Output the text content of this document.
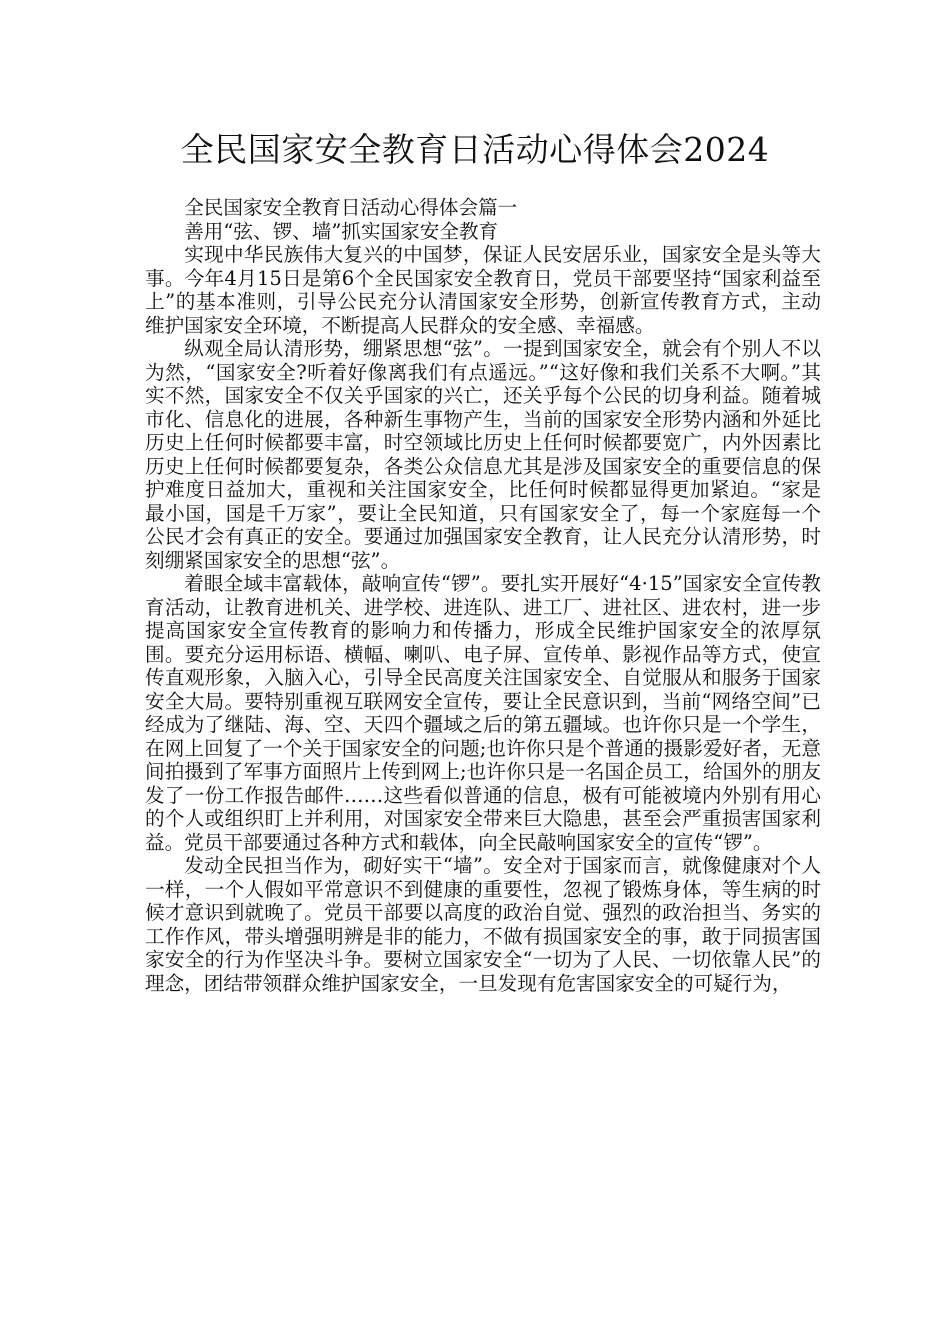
全民国家安全教育日活动心得体会2024

全民国家安全教育日活动心得体会篇一

善用“弦、锣、墙”抓实国家安全教育

实现中华民族伟大复兴的中国梦，保证人民安居乐业，国家安全是头等大事。今年4月15日是第6个全民国家安全教育日，党员干部要坚持“国家利益至上”的基本准则，引导公民充分认清国家安全形势，创新宣传教育方式，主动维护国家安全环境，不断提高人民群众的安全感、幸福感。

纵观全局认清形势，绷紧思想“弦”。一提到国家安全，就会有个别人不以为然，“国家安全?听着好像离我们有点遥远。”“这好像和我们关系不大啊。”其实不然，国家安全不仅关乎国家的兴亡，还关乎每个公民的切身利益。随着城市化、信息化的进展，各种新生事物产生，当前的国家安全形势内涵和外延比历史上任何时候都要丰富，时空领域比历史上任何时候都要宽广，内外因素比历史上任何时候都要复杂，各类公众信息尤其是涉及国家安全的重要信息的保护难度日益加大，重视和关注国家安全，比任何时候都显得更加紧迫。“家是最小国，国是千万家”，要让全民知道，只有国家安全了，每一个家庭每一个公民才会有真正的安全。要通过加强国家安全教育，让人民充分认清形势，时刻绷紧国家安全的思想“弦”。

着眼全域丰富载体，敲响宣传“锣”。要扎实开展好“4·15”国家安全宣传教育活动，让教育进机关、进学校、进连队、进工厂、进社区、进农村，进一步提高国家安全宣传教育的影响力和传播力，形成全民维护国家安全的浓厚氛围。要充分运用标语、横幅、喇叭、电子屏、宣传单、影视作品等方式，使宣传直观形象，入脑入心，引导全民高度关注国家安全、自觉服从和服务于国家安全大局。要特别重视互联网安全宣传，要让全民意识到，当前“网络空间”已经成为了继陆、海、空、天四个疆域之后的第五疆域。也许你只是一个学生，在网上回复了一个关于国家安全的问题;也许你只是个普通的摄影爱好者，无意间拍摄到了军事方面照片上传到网上;也许你只是一名国企员工，给国外的朋友发了一份工作报告邮件……这些看似普通的信息，极有可能被境内外别有用心的个人或组织盯上并利用，对国家安全带来巨大隐患，甚至会严重损害国家利益。党员干部要通过各种方式和载体，向全民敲响国家安全的宣传“锣”。

发动全民担当作为，砌好实干“墙”。安全对于国家而言，就像健康对个人一样，一个人假如平常意识不到健康的重要性，忽视了锻炼身体，等生病的时候才意识到就晚了。党员干部要以高度的政治自觉、强烈的政治担当、务实的工作作风，带头增强明辨是非的能力，不做有损国家安全的事，敢于同损害国家安全的行为作坚决斗争。要树立国家安全“一切为了人民、一切依靠人民”的理念，团结带领群众维护国家安全，一旦发现有危害国家安全的可疑行为，
